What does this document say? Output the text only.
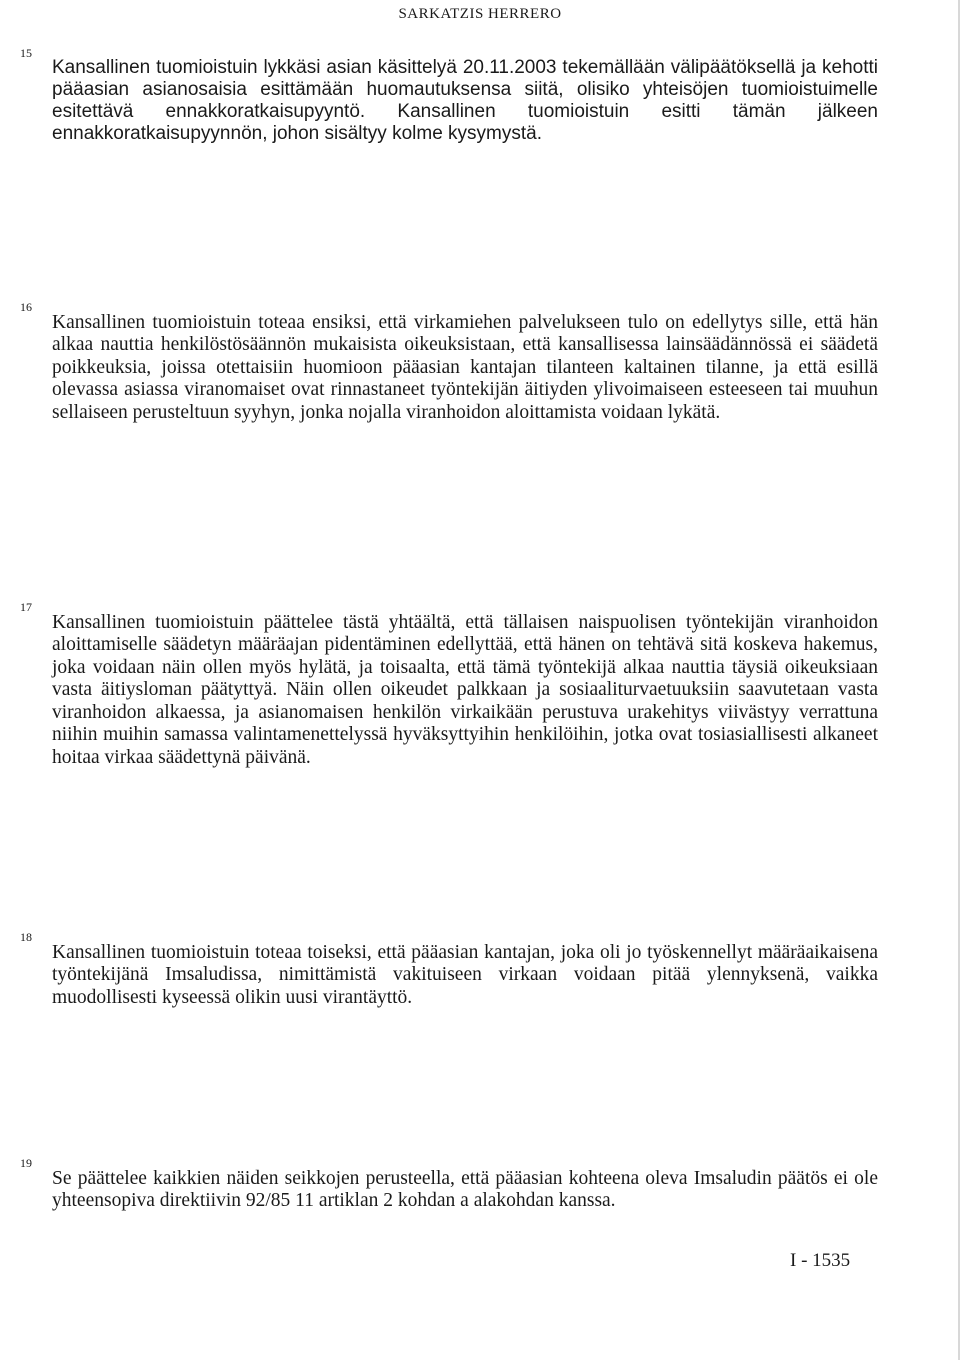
SARKATZIS HERRERO
15

Kansallinen tuomioistuin lykkäsi asian käsittelyä 20.11.2003 tekemällään välipäätöksellä ja kehotti pääasian asianosaisia esittämään huomautuksensa siitä, olisiko yhteisöjen tuomioistuimelle esitettävä ennakkoratkaisupyyntö. Kansallinen tuomioistuin esitti tämän jälkeen ennakkoratkaisupyynnön, johon sisältyy kolme kysymystä.

16

Kansallinen tuomioistuin toteaa ensiksi, että virkamiehen palvelukseen tulo on edellytys sille, että hän alkaa nauttia henkilöstösäännön mukaisista oikeuksistaan, että kansallisessa lainsäädännössä ei säädetä poikkeuksia, joissa otettaisiin huomioon pääasian kantajan tilanteen kaltainen tilanne, ja että esillä olevassa asiassa viranomaiset ovat rinnastaneet työntekijän äitiyden ylivoimaiseen esteeseen tai muuhun sellaiseen perusteltuun syyhyn, jonka nojalla viranhoidon aloittamista voidaan lykätä.

17

Kansallinen tuomioistuin päättelee tästä yhtäältä, että tällaisen naispuolisen työntekijän viranhoidon aloittamiselle säädetyn määräajan pidentäminen edellyttää, että hänen on tehtävä sitä koskeva hakemus, joka voidaan näin ollen myös hylätä, ja toisaalta, että tämä työntekijä alkaa nauttia täysiä oikeuksiaan vasta äitiysloman päätyttyä. Näin ollen oikeudet palkkaan ja sosiaaliturvaetuuksiin saavutetaan vasta viranhoidon alkaessa, ja asianomaisen henkilön virkaikään perustuva urakehitys viivästyy verrattuna niihin muihin samassa valintamenettelyssä hyväksyttyihin henkilöihin, jotka ovat tosiasiallisesti alkaneet hoitaa virkaa säädettynä päivänä.

18

Kansallinen tuomioistuin toteaa toiseksi, että pääasian kantajan, joka oli jo työskennellyt määräaikaisena työntekijänä Imsaludissa, nimittämistä vakituiseen virkaan voidaan pitää ylennyksenä, vaikka muodollisesti kyseessä olikin uusi virantäyttö.

19

Se päättelee kaikkien näiden seikkojen perusteella, että pääasian kohteena oleva Imsaludin päätös ei ole yhteensopiva direktiivin 92/85 11 artiklan 2 kohdan a alakohdan kanssa.

I - 1535
